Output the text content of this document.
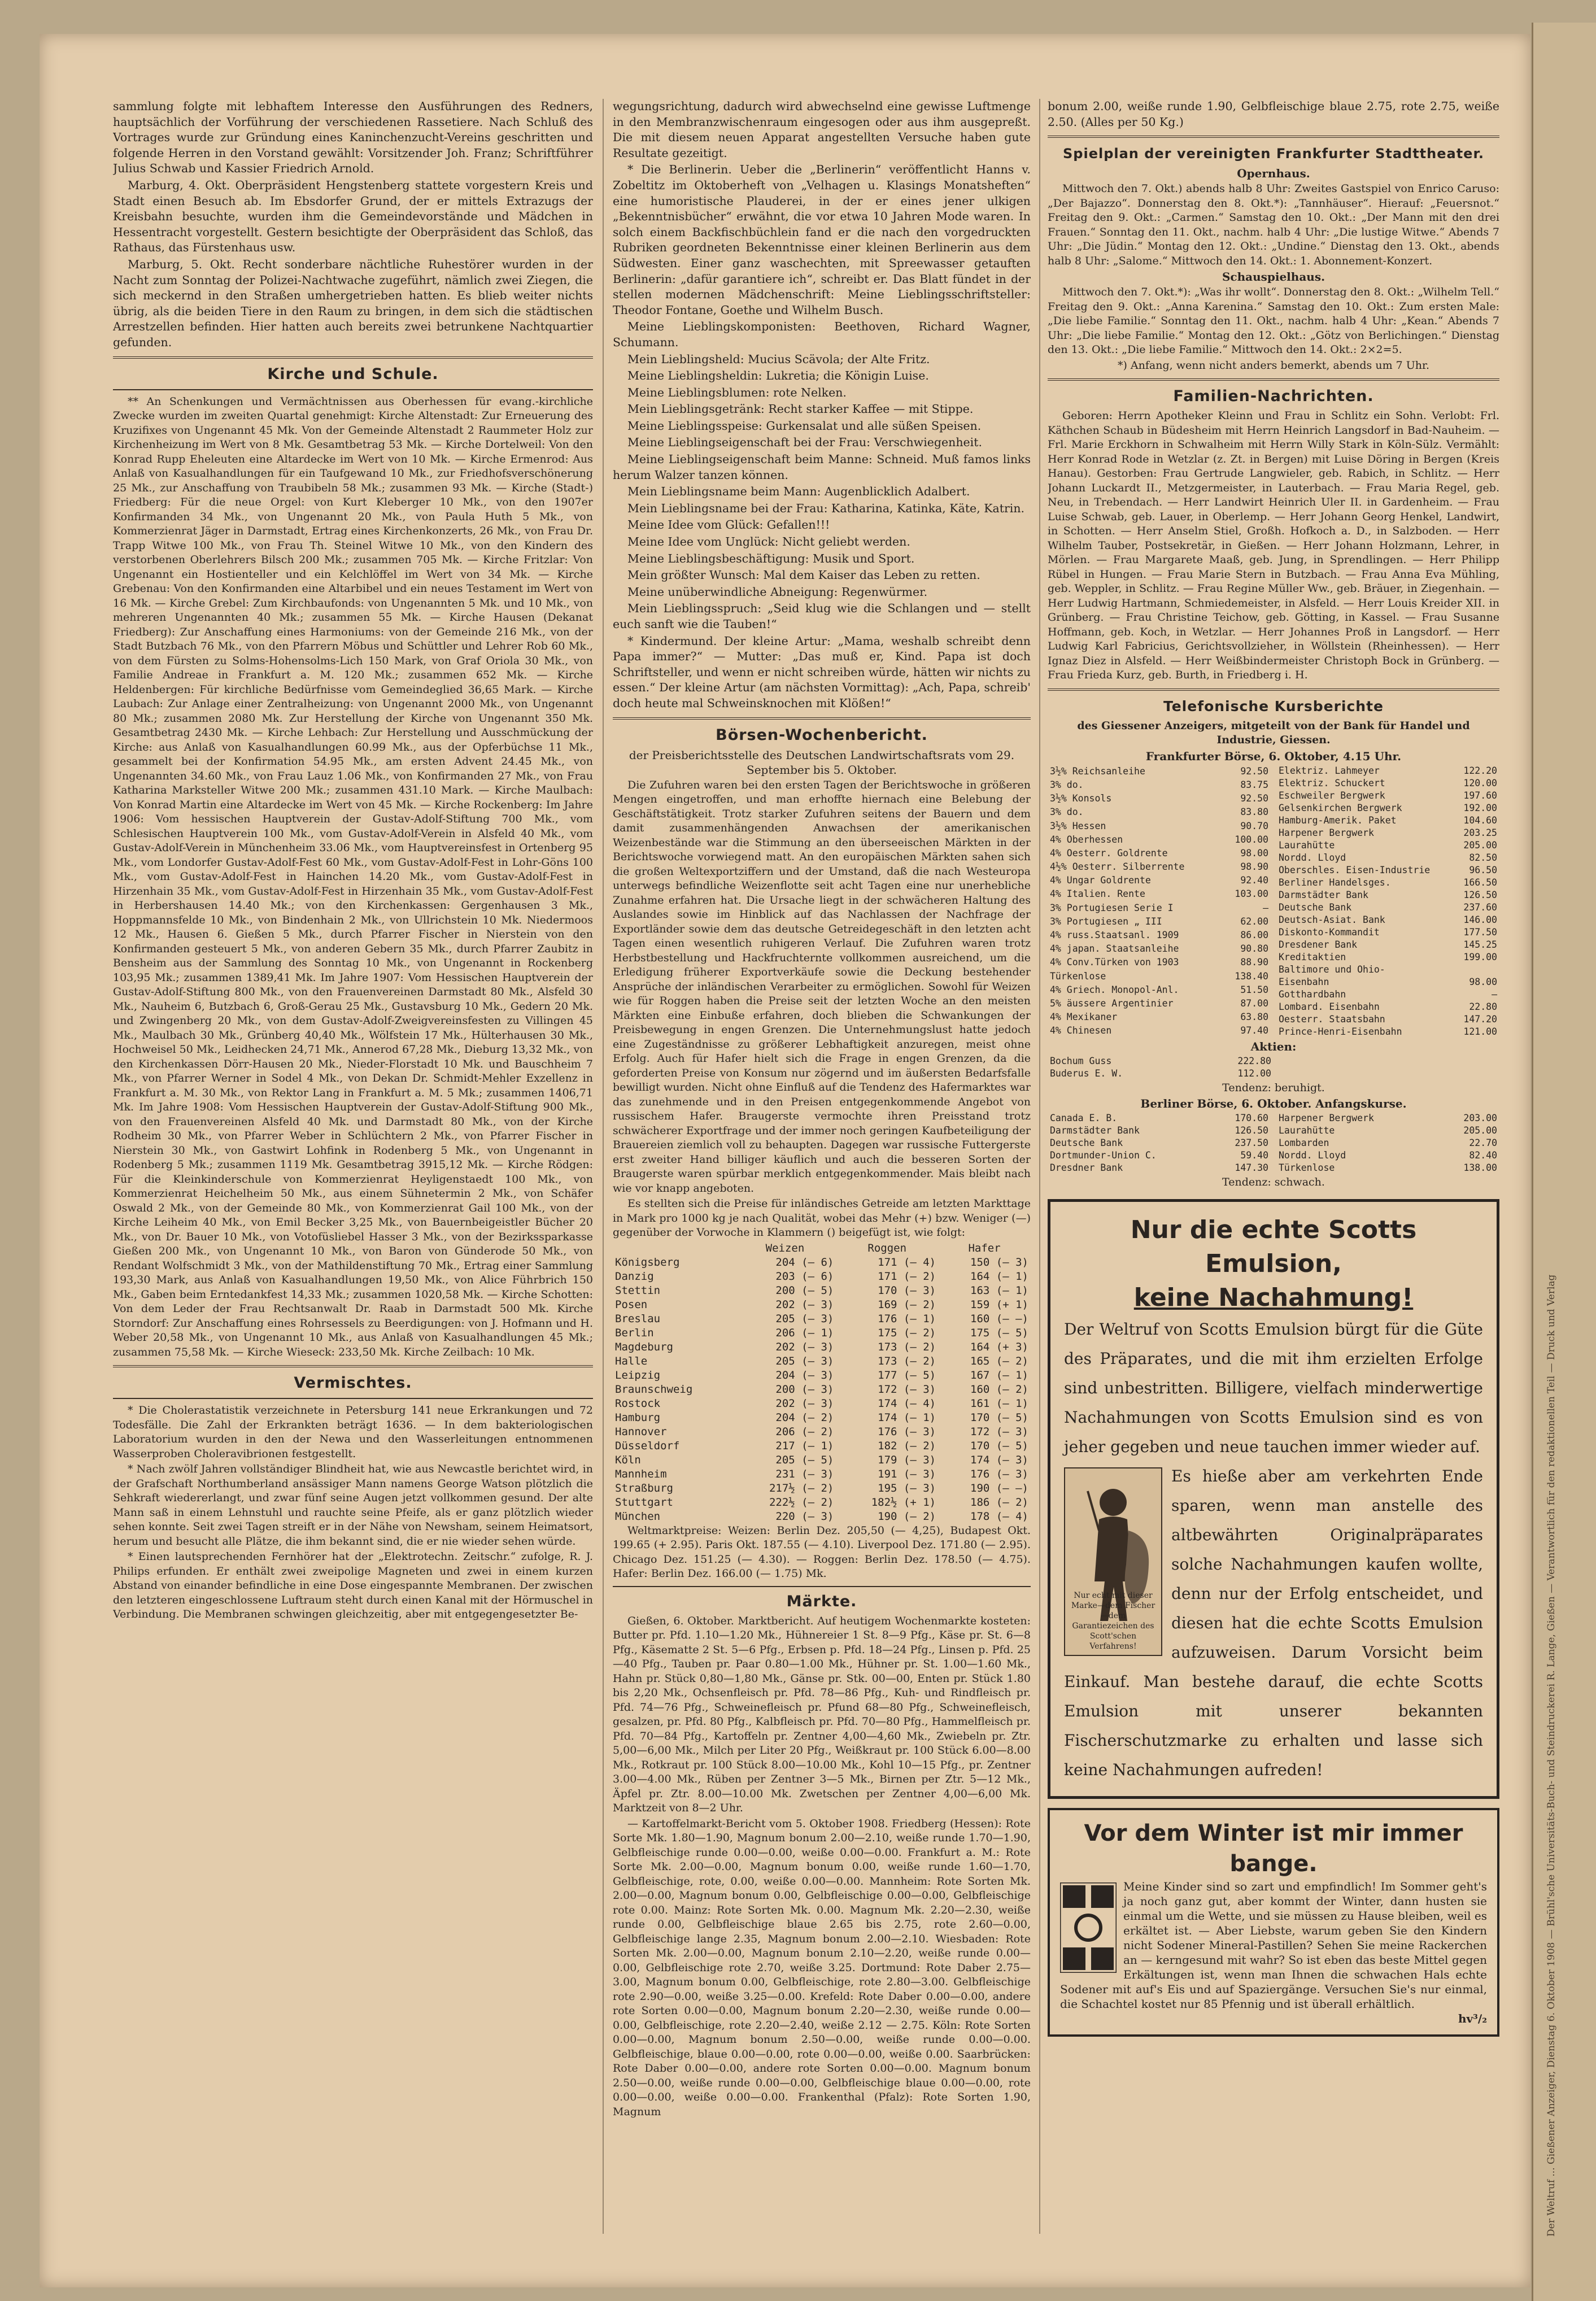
Der Weltruf ... Gießener Anzeiger, Dienstag 6. Oktober 1908 — Brühl'sche Universitäts-Buch- und Steindruckerei R. Lange, Gießen — Verantwortlich für den redaktionellen Teil — Druck und Verlag

sammlung folgte mit lebhaftem Interesse den Ausführungen des Redners, hauptsächlich der Vorführung der verschiedenen Rassetiere. Nach Schluß des Vortrages wurde zur Gründung eines Kaninchenzucht-Vereins geschritten und folgende Herren in den Vorstand gewählt: Vorsitzender Joh. Franz; Schriftführer Julius Schwab und Kassier Friedrich Arnold.

Marburg, 4. Okt. Oberpräsident Hengstenberg stattete vorgestern Kreis und Stadt einen Besuch ab. Im Ebsdorfer Grund, der er mittels Extrazugs der Kreisbahn besuchte, wurden ihm die Gemeindevorstände und Mädchen in Hessentracht vorgestellt. Gestern besichtigte der Oberpräsident das Schloß, das Rathaus, das Fürstenhaus usw.

Marburg, 5. Okt. Recht sonderbare nächtliche Ruhestörer wurden in der Nacht zum Sonntag der Polizei-Nachtwache zugeführt, nämlich zwei Ziegen, die sich meckernd in den Straßen umhergetrieben hatten. Es blieb weiter nichts übrig, als die beiden Tiere in den Raum zu bringen, in dem sich die städtischen Arrestzellen befinden. Hier hatten auch bereits zwei betrunkene Nachtquartier gefunden.

Kirche und Schule.

** An Schenkungen und Vermächtnissen aus Oberhessen für evang.-kirchliche Zwecke wurden im zweiten Quartal genehmigt: Kirche Altenstadt: Zur Erneuerung des Kruzifixes von Ungenannt 45 Mk. Von der Gemeinde Altenstadt 2 Raummeter Holz zur Kirchenheizung im Wert von 8 Mk. Gesamtbetrag 53 Mk. — Kirche Dortelweil: Von den Konrad Rupp Eheleuten eine Altardecke im Wert von 10 Mk. — Kirche Ermenrod: Aus Anlaß von Kasualhandlungen für ein Taufgewand 10 Mk., zur Friedhofsverschönerung 25 Mk., zur Anschaffung von Traubibeln 58 Mk.; zusammen 93 Mk. — Kirche (Stadt-) Friedberg: Für die neue Orgel: von Kurt Kleberger 10 Mk., von den 1907er Konfirmanden 34 Mk., von Ungenannt 20 Mk., von Paula Huth 5 Mk., von Kommerzienrat Jäger in Darmstadt, Ertrag eines Kirchenkonzerts, 26 Mk., von Frau Dr. Trapp Witwe 100 Mk., von Frau Th. Steinel Witwe 10 Mk., von den Kindern des verstorbenen Oberlehrers Bilsch 200 Mk.; zusammen 705 Mk. — Kirche Fritzlar: Von Ungenannt ein Hostienteller und ein Kelchlöffel im Wert von 34 Mk. — Kirche Grebenau: Von den Konfirmanden eine Altarbibel und ein neues Testament im Wert von 16 Mk. — Kirche Grebel: Zum Kirchbaufonds: von Ungenannten 5 Mk. und 10 Mk., von mehreren Ungenannten 40 Mk.; zusammen 55 Mk. — Kirche Hausen (Dekanat Friedberg): Zur Anschaffung eines Harmoniums: von der Gemeinde 216 Mk., von der Stadt Butzbach 76 Mk., von den Pfarrern Möbus und Schüttler und Lehrer Rob 60 Mk., von dem Fürsten zu Solms-Hohensolms-Lich 150 Mark, von Graf Oriola 30 Mk., von Familie Andreae in Frankfurt a. M. 120 Mk.; zusammen 652 Mk. — Kirche Heldenbergen: Für kirchliche Bedürfnisse vom Gemeindeglied 36,65 Mark. — Kirche Laubach: Zur Anlage einer Zentralheizung: von Ungenannt 2000 Mk., von Ungenannt 80 Mk.; zusammen 2080 Mk. Zur Herstellung der Kirche von Ungenannt 350 Mk. Gesamtbetrag 2430 Mk. — Kirche Lehbach: Zur Herstellung und Ausschmückung der Kirche: aus Anlaß von Kasualhandlungen 60.99 Mk., aus der Opferbüchse 11 Mk., gesammelt bei der Konfirmation 54.95 Mk., am ersten Advent 24.45 Mk., von Ungenannten 34.60 Mk., von Frau Lauz 1.06 Mk., von Konfirmanden 27 Mk., von Frau Katharina Marksteller Witwe 200 Mk.; zusammen 431.10 Mark. — Kirche Maulbach: Von Konrad Martin eine Altardecke im Wert von 45 Mk. — Kirche Rockenberg: Im Jahre 1906: Vom hessischen Hauptverein der Gustav-Adolf-Stiftung 700 Mk., vom Schlesischen Hauptverein 100 Mk., vom Gustav-Adolf-Verein in Alsfeld 40 Mk., vom Gustav-Adolf-Verein in Münchenheim 33.06 Mk., vom Hauptvereinsfest in Ortenberg 95 Mk., vom Londorfer Gustav-Adolf-Fest 60 Mk., vom Gustav-Adolf-Fest in Lohr-Göns 100 Mk., vom Gustav-Adolf-Fest in Hainchen 14.20 Mk., vom Gustav-Adolf-Fest in Hirzenhain 35 Mk., vom Gustav-Adolf-Fest in Hirzenhain 35 Mk., vom Gustav-Adolf-Fest in Herbershausen 14.40 Mk.; von den Kirchenkassen: Gergenhausen 3 Mk., Hoppmannsfelde 10 Mk., von Bindenhain 2 Mk., von Ullrichstein 10 Mk. Niedermoos 12 Mk., Hausen 6. Gießen 5 Mk., durch Pfarrer Fischer in Nierstein von den Konfirmanden gesteuert 5 Mk., von anderen Gebern 35 Mk., durch Pfarrer Zaubitz in Bensheim aus der Sammlung des Sonntag 10 Mk., von Ungenannt in Rockenberg 103,95 Mk.; zusammen 1389,41 Mk. Im Jahre 1907: Vom Hessischen Hauptverein der Gustav-Adolf-Stiftung 800 Mk., von den Frauenvereinen Darmstadt 80 Mk., Alsfeld 30 Mk., Nauheim 6, Butzbach 6, Groß-Gerau 25 Mk., Gustavsburg 10 Mk., Gedern 20 Mk. und Zwingenberg 20 Mk., von dem Gustav-Adolf-Zweigvereinsfesten zu Villingen 45 Mk., Maulbach 30 Mk., Grünberg 40,40 Mk., Wölfstein 17 Mk., Hülterhausen 30 Mk., Hochweisel 50 Mk., Leidhecken 24,71 Mk., Annerod 67,28 Mk., Dieburg 13,32 Mk., von den Kirchenkassen Dörr-Hausen 20 Mk., Nieder-Florstadt 10 Mk. und Bauschheim 7 Mk., von Pfarrer Werner in Sodel 4 Mk., von Dekan Dr. Schmidt-Mehler Exzellenz in Frankfurt a. M. 30 Mk., von Rektor Lang in Frankfurt a. M. 5 Mk.; zusammen 1406,71 Mk. Im Jahre 1908: Vom Hessischen Hauptverein der Gustav-Adolf-Stiftung 900 Mk., von den Frauenvereinen Alsfeld 40 Mk. und Darmstadt 80 Mk., von der Kirche Rodheim 30 Mk., von Pfarrer Weber in Schlüchtern 2 Mk., von Pfarrer Fischer in Nierstein 30 Mk., von Gastwirt Lohfink in Rodenberg 5 Mk., von Ungenannt in Rodenberg 5 Mk.; zusammen 1119 Mk. Gesamtbetrag 3915,12 Mk. — Kirche Rödgen: Für die Kleinkinderschule von Kommerzienrat Heyligenstaedt 100 Mk., von Kommerzienrat Heichelheim 50 Mk., aus einem Sühnetermin 2 Mk., von Schäfer Oswald 2 Mk., von der Gemeinde 80 Mk., von Kommerzienrat Gail 100 Mk., von der Kirche Leiheim 40 Mk., von Emil Becker 3,25 Mk., von Bauernbeigeistler Bücher 20 Mk., von Dr. Bauer 10 Mk., von Votofüsliebel Hasser 3 Mk., von der Bezirkssparkasse Gießen 200 Mk., von Ungenannt 10 Mk., von Baron von Günderode 50 Mk., von Rendant Wolfschmidt 3 Mk., von der Mathildenstiftung 70 Mk., Ertrag einer Sammlung 193,30 Mark, aus Anlaß von Kasualhandlungen 19,50 Mk., von Alice Führbrich 150 Mk., Gaben beim Erntedankfest 14,33 Mk.; zusammen 1020,58 Mk. — Kirche Schotten: Von dem Leder der Frau Rechtsanwalt Dr. Raab in Darmstadt 500 Mk. Kirche Storndorf: Zur Anschaffung eines Rohrsessels zu Beerdigungen: von J. Hofmann und H. Weber 20,58 Mk., von Ungenannt 10 Mk., aus Anlaß von Kasualhandlungen 45 Mk.; zusammen 75,58 Mk. — Kirche Wieseck: 233,50 Mk. Kirche Zeilbach: 10 Mk.

Vermischtes.

* Die Cholerastatistik verzeichnete in Petersburg 141 neue Erkrankungen und 72 Todesfälle. Die Zahl der Erkrankten beträgt 1636. — In dem bakteriologischen Laboratorium wurden in den der Newa und den Wasserleitungen entnommenen Wasserproben Choleravibrionen festgestellt.

* Nach zwölf Jahren vollständiger Blindheit hat, wie aus Newcastle berichtet wird, in der Grafschaft Northumberland ansässiger Mann namens George Watson plötzlich die Sehkraft wiedererlangt, und zwar fünf seine Augen jetzt vollkommen gesund. Der alte Mann saß in einem Lehnstuhl und rauchte seine Pfeife, als er ganz plötzlich wieder sehen konnte. Seit zwei Tagen streift er in der Nähe von Newsham, seinem Heimatsort, herum und besucht alle Plätze, die ihm bekannt sind, die er nie wieder sehen würde.

* Einen lautsprechenden Fernhörer hat der „Elektrotechn. Zeitschr.“ zufolge, R. J. Philips erfunden. Er enthält zwei zweipolige Magneten und zwei in einem kurzen Abstand von einander befindliche in eine Dose eingespannte Membranen. Der zwischen den letzteren eingeschlossene Luftraum steht durch einen Kanal mit der Hörmuschel in Verbindung. Die Membranen schwingen gleichzeitig, aber mit entgegengesetzter Be-

wegungsrichtung, dadurch wird abwechselnd eine gewisse Luftmenge in den Membranzwischenraum eingesogen oder aus ihm ausgepreßt. Die mit diesem neuen Apparat angestellten Versuche haben gute Resultate gezeitigt.

* Die Berlinerin. Ueber die „Berlinerin“ veröffentlicht Hanns v. Zobeltitz im Oktoberheft von „Velhagen u. Klasings Monatsheften“ eine humoristische Plauderei, in der er eines jener ulkigen „Bekenntnisbücher“ erwähnt, die vor etwa 10 Jahren Mode waren. In solch einem Backfischbüchlein fand er die nach den vorgedruckten Rubriken geordneten Bekenntnisse einer kleinen Berlinerin aus dem Südwesten. Einer ganz waschechten, mit Spreewasser getauften Berlinerin: „dafür garantiere ich“, schreibt er. Das Blatt fündet in der stellen modernen Mädchenschrift: Meine Lieblingsschriftsteller: Theodor Fontane, Goethe und Wilhelm Busch.

Meine Lieblingskomponisten: Beethoven, Richard Wagner, Schumann.

Mein Lieblingsheld: Mucius Scävola; der Alte Fritz.

Meine Lieblingsheldin: Lukretia; die Königin Luise.

Meine Lieblingsblumen: rote Nelken.

Mein Lieblingsgetränk: Recht starker Kaffee — mit Stippe.

Meine Lieblingsspeise: Gurkensalat und alle süßen Speisen.

Meine Lieblingseigenschaft bei der Frau: Verschwiegenheit.

Meine Lieblingseigenschaft beim Manne: Schneid. Muß famos links herum Walzer tanzen können.

Mein Lieblingsname beim Mann: Augenblicklich Adalbert.

Mein Lieblingsname bei der Frau: Katharina, Katinka, Käte, Katrin.

Meine Idee vom Glück: Gefallen!!!

Meine Idee vom Unglück: Nicht geliebt werden.

Meine Lieblingsbeschäftigung: Musik und Sport.

Mein größter Wunsch: Mal dem Kaiser das Leben zu retten.

Meine unüberwindliche Abneigung: Regenwürmer.

Mein Lieblingsspruch: „Seid klug wie die Schlangen und — stellt euch sanft wie die Tauben!“

* Kindermund. Der kleine Artur: „Mama, weshalb schreibt denn Papa immer?“ — Mutter: „Das muß er, Kind. Papa ist doch Schriftsteller, und wenn er nicht schreiben würde, hätten wir nichts zu essen.“ Der kleine Artur (am nächsten Vormittag): „Ach, Papa, schreib' doch heute mal Schweinsknochen mit Klößen!“

Börsen-Wochenbericht.
der Preisberichtsstelle des Deutschen Landwirtschaftsrats vom 29. September bis 5. Oktober.

Die Zufuhren waren bei den ersten Tagen der Berichtswoche in größeren Mengen eingetroffen, und man erhoffte hiernach eine Belebung der Geschäftstätigkeit. Trotz starker Zufuhren seitens der Bauern und dem damit zusammenhängenden Anwachsen der amerikanischen Weizenbestände war die Stimmung an den überseeischen Märkten in der Berichtswoche vorwiegend matt. An den europäischen Märkten sahen sich die großen Weltexportziffern und der Umstand, daß die nach Westeuropa unterwegs befindliche Weizenflotte seit acht Tagen eine nur unerhebliche Zunahme erfahren hat. Die Ursache liegt in der schwächeren Haltung des Auslandes sowie im Hinblick auf das Nachlassen der Nachfrage der Exportländer sowie dem das deutsche Getreidegeschäft in den letzten acht Tagen einen wesentlich ruhigeren Verlauf. Die Zufuhren waren trotz Herbstbestellung und Hackfruchternte vollkommen ausreichend, um die Erledigung früherer Exportverkäufe sowie die Deckung bestehender Ansprüche der inländischen Verarbeiter zu ermöglichen. Sowohl für Weizen wie für Roggen haben die Preise seit der letzten Woche an den meisten Märkten eine Einbuße erfahren, doch blieben die Schwankungen der Preisbewegung in engen Grenzen. Die Unternehmungslust hatte jedoch eine Zugeständnisse zu größerer Lebhaftigkeit anzuregen, meist ohne Erfolg. Auch für Hafer hielt sich die Frage in engen Grenzen, da die geforderten Preise von Konsum nur zögernd und im äußersten Bedarfsfalle bewilligt wurden. Nicht ohne Einfluß auf die Tendenz des Hafermarktes war das zunehmende und in den Preisen entgegenkommende Angebot von russischem Hafer. Braugerste vermochte ihren Preisstand trotz schwächerer Exportfrage und der immer noch geringen Kaufbeteiligung der Brauereien ziemlich voll zu behaupten. Dagegen war russische Futtergerste erst zweiter Hand billiger käuflich und auch die besseren Sorten der Braugerste waren spürbar merklich entgegenkommender. Mais bleibt nach wie vor knapp angeboten.

Es stellten sich die Preise für inländisches Getreide am letzten Markttage in Mark pro 1000 kg je nach Qualität, wobei das Mehr (+) bzw. Weniger (—) gegenüber der Vorwoche in Klammern () beigefügt ist, wie folgt:

	Weizen	Roggen	Hafer
Königsberg	204 (— 6)	171 (— 4)	150 (— 3)
Danzig	203 (— 6)	171 (— 2)	164 (— 1)
Stettin	200 (— 5)	170 (— 3)	163 (— 1)
Posen	202 (— 3)	169 (— 2)	159 (+ 1)
Breslau	205 (— 3)	176 (— 1)	160 (— —)
Berlin	206 (— 1)	175 (— 2)	175 (— 5)
Magdeburg	202 (— 3)	173 (— 2)	164 (+ 3)
Halle	205 (— 3)	173 (— 2)	165 (— 2)
Leipzig	204 (— 3)	177 (— 5)	167 (— 1)
Braunschweig	200 (— 3)	172 (— 3)	160 (— 2)
Rostock	202 (— 3)	174 (— 4)	161 (— 1)
Hamburg	204 (— 2)	174 (— 1)	170 (— 5)
Hannover	206 (— 2)	176 (— 3)	172 (— 3)
Düsseldorf	217 (— 1)	182 (— 2)	170 (— 5)
Köln	205 (— 5)	179 (— 3)	174 (— 3)
Mannheim	231 (— 3)	191 (— 3)	176 (— 3)
Straßburg	217½ (— 2)	195 (— 3)	190 (— —)
Stuttgart	222½ (— 2)	182½ (+ 1)	186 (— 2)
München	220 (— 3)	190 (— 2)	178 (— 4)

Weltmarktpreise: Weizen: Berlin Dez. 205,50 (— 4,25), Budapest Okt. 199.65 (+ 2.95). Paris Okt. 187.55 (— 4.10). Liverpool Dez. 171.80 (— 2.95). Chicago Dez. 151.25 (— 4.30). — Roggen: Berlin Dez. 178.50 (— 4.75). Hafer: Berlin Dez. 166.00 (— 1.75) Mk.

Märkte.

Gießen, 6. Oktober. Marktbericht. Auf heutigem Wochenmarkte kosteten: Butter pr. Pfd. 1.10—1.20 Mk., Hühnereier 1 St. 8—9 Pfg., Käse pr. St. 6—8 Pfg., Käsematte 2 St. 5—6 Pfg., Erbsen p. Pfd. 18—24 Pfg., Linsen p. Pfd. 25—40 Pfg., Tauben pr. Paar 0.80—1.00 Mk., Hühner pr. St. 1.00—1.60 Mk., Hahn pr. Stück 0,80—1,80 Mk., Gänse pr. Stk. 00—00, Enten pr. Stück 1.80 bis 2,20 Mk., Ochsenfleisch pr. Pfd. 78—86 Pfg., Kuh- und Rindfleisch pr. Pfd. 74—76 Pfg., Schweinefleisch pr. Pfund 68—80 Pfg., Schweinefleisch, gesalzen, pr. Pfd. 80 Pfg., Kalbfleisch pr. Pfd. 70—80 Pfg., Hammelfleisch pr. Pfd. 70—84 Pfg., Kartoffeln pr. Zentner 4,00—4,60 Mk., Zwiebeln pr. Ztr. 5,00—6,00 Mk., Milch per Liter 20 Pfg., Weißkraut pr. 100 Stück 6.00—8.00 Mk., Rotkraut pr. 100 Stück 8.00—10.00 Mk., Kohl 10—15 Pfg., pr. Zentner 3.00—4.00 Mk., Rüben per Zentner 3—5 Mk., Birnen per Ztr. 5—12 Mk., Äpfel pr. Ztr. 8.00—10.00 Mk. Zwetschen per Zentner 4,00—6,00 Mk. Marktzeit von 8—2 Uhr.

— Kartoffelmarkt-Bericht vom 5. Oktober 1908. Friedberg (Hessen): Rote Sorte Mk. 1.80—1.90, Magnum bonum 2.00—2.10, weiße runde 1.70—1.90, Gelbfleischige runde 0.00—0.00, weiße 0.00—0.00. Frankfurt a. M.: Rote Sorte Mk. 2.00—0.00, Magnum bonum 0.00, weiße runde 1.60—1.70, Gelbfleischige, rote, 0.00, weiße 0.00—0.00. Mannheim: Rote Sorten Mk. 2.00—0.00, Magnum bonum 0.00, Gelbfleischige 0.00—0.00, Gelbfleischige rote 0.00. Mainz: Rote Sorten Mk. 0.00. Magnum Mk. 2.20—2.30, weiße runde 0.00, Gelbfleischige blaue 2.65 bis 2.75, rote 2.60—0.00, Gelbfleischige lange 2.35, Magnum bonum 2.00—2.10. Wiesbaden: Rote Sorten Mk. 2.00—0.00, Magnum bonum 2.10—2.20, weiße runde 0.00—0.00, Gelbfleischige rote 2.70, weiße 3.25. Dortmund: Rote Daber 2.75—3.00, Magnum bonum 0.00, Gelbfleischige, rote 2.80—3.00. Gelbfleischige rote 2.90—0.00, weiße 3.25—0.00. Krefeld: Rote Daber 0.00—0.00, andere rote Sorten 0.00—0.00, Magnum bonum 2.20—2.30, weiße runde 0.00—0.00, Gelbfleischige, rote 2.20—2.40, weiße 2.12 — 2.75. Köln: Rote Sorten 0.00—0.00, Magnum bonum 2.50—0.00, weiße runde 0.00—0.00. Gelbfleischige, blaue 0.00—0.00, rote 0.00—0.00, weiße 0.00. Saarbrücken: Rote Daber 0.00—0.00, andere rote Sorten 0.00—0.00. Magnum bonum 2.50—0.00, weiße runde 0.00—0.00, Gelbfleischige blaue 0.00—0.00, rote 0.00—0.00, weiße 0.00—0.00. Frankenthal (Pfalz): Rote Sorten 1.90, Magnum

bonum 2.00, weiße runde 1.90, Gelbfleischige blaue 2.75, rote 2.75, weiße 2.50. (Alles per 50 Kg.)

Spielplan der vereinigten Frankfurter Stadttheater.
Opernhaus.

Mittwoch den 7. Okt.) abends halb 8 Uhr: Zweites Gastspiel von Enrico Caruso: „Der Bajazzo“. Donnerstag den 8. Okt.*): „Tannhäuser“. Hierauf: „Feuersnot.“ Freitag den 9. Okt.: „Carmen.“ Samstag den 10. Okt.: „Der Mann mit den drei Frauen.“ Sonntag den 11. Okt., nachm. halb 4 Uhr: „Die lustige Witwe.“ Abends 7 Uhr: „Die Jüdin.“ Montag den 12. Okt.: „Undine.“ Dienstag den 13. Okt., abends halb 8 Uhr: „Salome.“ Mittwoch den 14. Okt.: 1. Abonnement-Konzert.

Schauspielhaus.

Mittwoch den 7. Okt.*): „Was ihr wollt“. Donnerstag den 8. Okt.: „Wilhelm Tell.“ Freitag den 9. Okt.: „Anna Karenina.“ Samstag den 10. Okt.: Zum ersten Male: „Die liebe Familie.“ Sonntag den 11. Okt., nachm. halb 4 Uhr: „Kean.“ Abends 7 Uhr: „Die liebe Familie.“ Montag den 12. Okt.: „Götz von Berlichingen.“ Dienstag den 13. Okt.: „Die liebe Familie.“ Mittwoch den 14. Okt.: 2×2=5.

*) Anfang, wenn nicht anders bemerkt, abends um 7 Uhr.
Familien-Nachrichten.

Geboren: Herrn Apotheker Kleinn und Frau in Schlitz ein Sohn. Verlobt: Frl. Käthchen Schaub in Büdesheim mit Herrn Heinrich Langsdorf in Bad-Nauheim. — Frl. Marie Erckhorn in Schwalheim mit Herrn Willy Stark in Köln-Sülz. Vermählt: Herr Konrad Rode in Wetzlar (z. Zt. in Bergen) mit Luise Döring in Bergen (Kreis Hanau). Gestorben: Frau Gertrude Langwieler, geb. Rabich, in Schlitz. — Herr Johann Luckardt II., Metzgermeister, in Lauterbach. — Frau Maria Regel, geb. Neu, in Trebendach. — Herr Landwirt Heinrich Uler II. in Gardenheim. — Frau Luise Schwab, geb. Lauer, in Oberlemp. — Herr Johann Georg Henkel, Landwirt, in Schotten. — Herr Anselm Stiel, Großh. Hofkoch a. D., in Salzboden. — Herr Wilhelm Tauber, Postsekretär, in Gießen. — Herr Johann Holzmann, Lehrer, in Mörlen. — Frau Margarete Maaß, geb. Jung, in Sprendlingen. — Herr Philipp Rübel in Hungen. — Frau Marie Stern in Butzbach. — Frau Anna Eva Mühling, geb. Weppler, in Schlitz. — Frau Regine Müller Ww., geb. Bräuer, in Ziegenhain. — Herr Ludwig Hartmann, Schmiedemeister, in Alsfeld. — Herr Louis Kreider XII. in Grünberg. — Frau Christine Teichow, geb. Götting, in Kassel. — Frau Susanne Hoffmann, geb. Koch, in Wetzlar. — Herr Johannes Proß in Langsdorf. — Herr Ludwig Karl Fabricius, Gerichtsvollzieher, in Wöllstein (Rheinhessen). — Herr Ignaz Diez in Alsfeld. — Herr Weißbindermeister Christoph Bock in Grünberg. — Frau Frieda Kurz, geb. Burth, in Friedberg i. H.

Telefonische Kursberichte
des Giessener Anzeigers, mitgeteilt von der Bank für Handel und Industrie, Giessen.
Frankfurter Börse, 6. Oktober, 4.15 Uhr.
3½% Reichsanleihe	92.50
3% do.	83.75
3½% Konsols	92.50
3% do.	83.80
3½% Hessen	90.70
4% Oberhessen	100.00
4% Oesterr. Goldrente	98.00
4½% Oesterr. Silberrente	98.90
4% Ungar Goldrente	92.40
4% Italien. Rente	103.00
3% Portugiesen Serie I	—
3% Portugiesen „ III	62.00
4% russ.Staatsanl. 1909	86.00
4% japan. Staatsanleihe	90.80
4% Conv.Türken von 1903	88.90
Türkenlose	138.40
4% Griech. Monopol-Anl.	51.50
5% äussere Argentinier	87.00
4% Mexikaner	63.80
4% Chinesen	97.40
Elektriz. Lahmeyer	122.20
Elektriz. Schuckert	120.00
Eschweiler Bergwerk	197.60
Gelsenkirchen Bergwerk	192.00
Hamburg-Amerik. Paket	104.60
Harpener Bergwerk	203.25
Laurahütte	205.00
Nordd. Lloyd	82.50
Oberschles. Eisen-Industrie	96.50
Berliner Handelsges.	166.50
Darmstädter Bank	126.50
Deutsche Bank	237.60
Deutsch-Asiat. Bank	146.00
Diskonto-Kommandit	177.50
Dresdener Bank	145.25
Kreditaktien	199.00
Baltimore und Ohio-	
Eisenbahn	98.00
Gotthardbahn	—
Lombard. Eisenbahn	22.80
Oesterr. Staatsbahn	147.20
Prince-Henri-Eisenbahn	121.00
Aktien:
Bochum Guss	222.80
Buderus E. W.	112.00
Tendenz: beruhigt.
Berliner Börse, 6. Oktober. Anfangskurse.
Canada E. B.	170.60
Darmstädter Bank	126.50
Deutsche Bank	237.50
Dortmunder-Union C.	59.40
Dresdner Bank	147.30
Harpener Bergwerk	203.00
Laurahütte	205.00
Lombarden	22.70
Nordd. Lloyd	82.40
Türkenlose	138.00
Tendenz: schwach.
Nur die echte Scotts Emulsion,
keine Nachahmung!
Der Weltruf von Scotts Emulsion bürgt für die Güte des Präparates, und die mit ihm erzielten Erfolge sind unbestritten. Billigere, vielfach minderwertige Nachahmungen von Scotts Emulsion sind es von jeher gegeben und neue tauchen immer wieder auf.
Nur echt mit dieser Marke—dem Fischer—dem Garantiezeichen des Scott'schen Verfahrens!
Es hieße aber am verkehrten Ende sparen, wenn man anstelle des altbewährten Originalpräparates solche Nachahmungen kaufen wollte, denn nur der Erfolg entscheidet, und diesen hat die echte Scotts Emulsion aufzuweisen. Darum Vorsicht beim Einkauf. Man bestehe darauf, die echte Scotts Emulsion mit unserer bekannten Fischerschutzmarke zu erhalten und lasse sich keine Nachahmungen aufreden!
Vor dem Winter ist mir immer bange.
Meine Kinder sind so zart und empfindlich! Im Sommer geht's ja noch ganz gut, aber kommt der Winter, dann husten sie einmal um die Wette, und sie müssen zu Hause bleiben, weil es erkältet ist. — Aber Liebste, warum geben Sie den Kindern nicht Sodener Mineral-Pastillen? Sehen Sie meine Rackerchen an — kerngesund mit wahr? So ist eben das beste Mittel gegen Erkältungen ist, wenn man Ihnen die schwachen Hals echte Sodener mit auf's Eis und auf Spaziergänge. Versuchen Sie's nur einmal, die Schachtel kostet nur 85 Pfennig und ist überall erhältlich.
hv³/₂
